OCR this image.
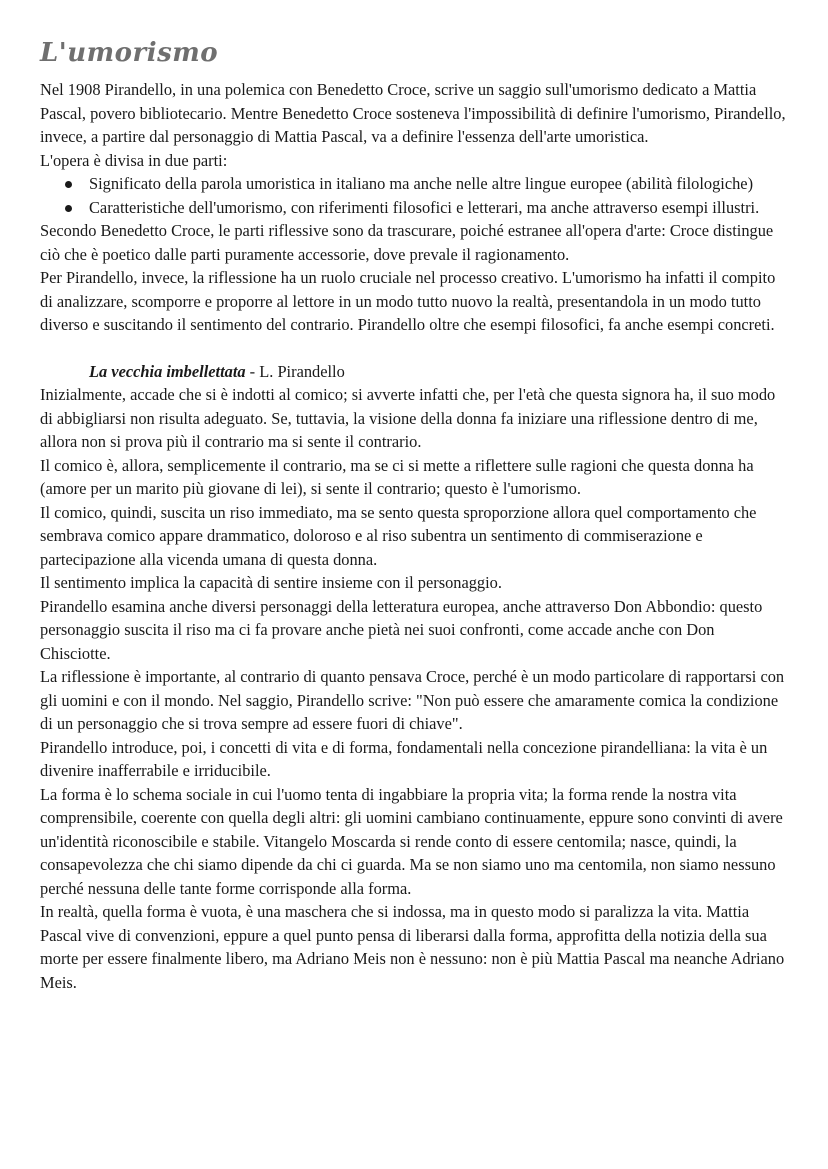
L'umorismo

Nel 1908 Pirandello, in una polemica con Benedetto Croce, scrive un saggio sull'umorismo dedicato a Mattia Pascal, povero bibliotecario. Mentre Benedetto Croce sosteneva l'impossibilità di definire l'umorismo, Pirandello, invece, a partire dal personaggio di Mattia Pascal, va a definire l'essenza dell'arte umoristica.

L'opera è divisa in due parti:

Significato della parola umoristica in italiano ma anche nelle altre lingue europee (abilità filologiche)
Caratteristiche dell'umorismo, con riferimenti filosofici e letterari, ma anche attraverso esempi illustri.

Secondo Benedetto Croce, le parti riflessive sono da trascurare, poiché estranee all'opera d'arte: Croce distingue ciò che è poetico dalle parti puramente accessorie, dove prevale il ragionamento.

Per Pirandello, invece, la riflessione ha un ruolo cruciale nel processo creativo. L'umorismo ha infatti il compito di analizzare, scomporre e proporre al lettore in un modo tutto nuovo la realtà, presentandola in un modo tutto diverso e suscitando il sentimento del contrario. Pirandello oltre che esempi filosofici, fa anche esempi concreti.

La vecchia imbellettata - L. Pirandello

Inizialmente, accade che si è indotti al comico; si avverte infatti che, per l'età che questa signora ha, il suo modo di abbigliarsi non risulta adeguato. Se, tuttavia, la visione della donna fa iniziare una riflessione dentro di me, allora non si prova più il contrario ma si sente il contrario.

Il comico è, allora, semplicemente il contrario, ma se ci si mette a riflettere sulle ragioni che questa donna ha (amore per un marito più giovane di lei), si sente il contrario; questo è l'umorismo.

Il comico, quindi, suscita un riso immediato, ma se sento questa sproporzione allora quel comportamento che sembrava comico appare drammatico, doloroso e al riso subentra un sentimento di commiserazione e partecipazione alla vicenda umana di questa donna.

Il sentimento implica la capacità di sentire insieme con il personaggio.

Pirandello esamina anche diversi personaggi della letteratura europea, anche attraverso Don Abbondio: questo personaggio suscita il riso ma ci fa provare anche pietà nei suoi confronti, come accade anche con Don Chisciotte.

La riflessione è importante, al contrario di quanto pensava Croce, perché è un modo particolare di rapportarsi con gli uomini e con il mondo. Nel saggio, Pirandello scrive: "Non può essere che amaramente comica la condizione di un personaggio che si trova sempre ad essere fuori di chiave".

Pirandello introduce, poi, i concetti di vita e di forma, fondamentali nella concezione pirandelliana: la vita è un divenire inafferrabile e irriducibile.

La forma è lo schema sociale in cui l'uomo tenta di ingabbiare la propria vita; la forma rende la nostra vita comprensibile, coerente con quella degli altri: gli uomini cambiano continuamente, eppure sono convinti di avere un'identità riconoscibile e stabile. Vitangelo Moscarda si rende conto di essere centomila; nasce, quindi, la consapevolezza che chi siamo dipende da chi ci guarda. Ma se non siamo uno ma centomila, non siamo nessuno perché nessuna delle tante forme corrisponde alla forma.

In realtà, quella forma è vuota, è una maschera che si indossa, ma in questo modo si paralizza la vita. Mattia Pascal vive di convenzioni, eppure a quel punto pensa di liberarsi dalla forma, approfitta della notizia della sua morte per essere finalmente libero, ma Adriano Meis non è nessuno: non è più Mattia Pascal ma neanche Adriano Meis.
